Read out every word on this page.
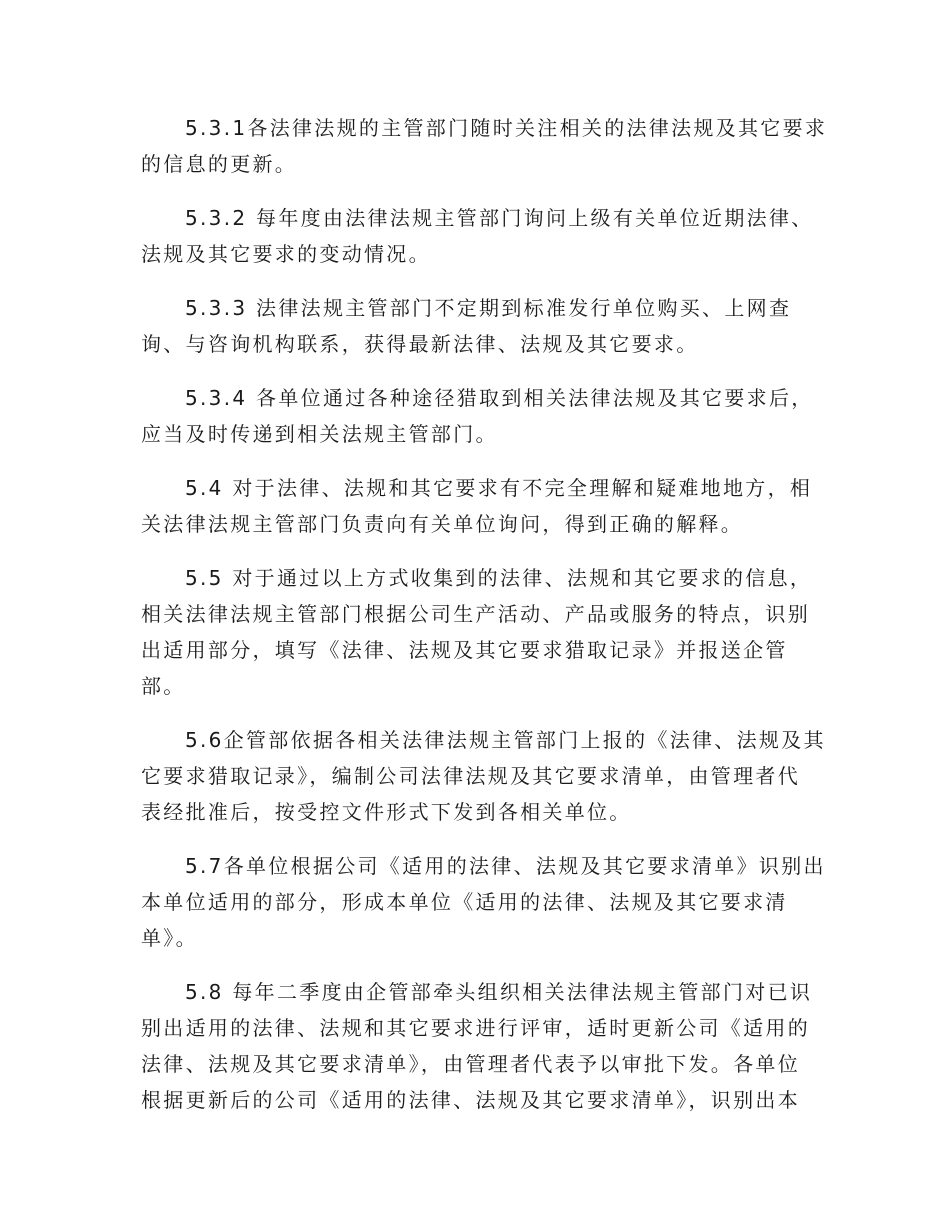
5.3.1各法律法规的主管部门随时关注相关的法律法规及其它要求
的信息的更新。

5.3.2 每年度由法律法规主管部门询问上级有关单位近期法律、
法规及其它要求的变动情况。

5.3.3 法律法规主管部门不定期到标准发行单位购买、上网查
询、与咨询机构联系，获得最新法律、法规及其它要求。

5.3.4 各单位通过各种途径猎取到相关法律法规及其它要求后，
应当及时传递到相关法规主管部门。

5.4 对于法律、法规和其它要求有不完全理解和疑难地地方，相
关法律法规主管部门负责向有关单位询问，得到正确的解释。

5.5 对于通过以上方式收集到的法律、法规和其它要求的信息，
相关法律法规主管部门根据公司生产活动、产品或服务的特点，识别
出适用部分，填写《法律、法规及其它要求猎取记录》并报送企管
部。

5.6企管部依据各相关法律法规主管部门上报的《法律、法规及其
它要求猎取记录》，编制公司法律法规及其它要求清单，由管理者代
表经批准后，按受控文件形式下发到各相关单位。

5.7各单位根据公司《适用的法律、法规及其它要求清单》识别出
本单位适用的部分，形成本单位《适用的法律、法规及其它要求清
单》。

5.8 每年二季度由企管部牵头组织相关法律法规主管部门对已识
别出适用的法律、法规和其它要求进行评审，适时更新公司《适用的
法律、法规及其它要求清单》，由管理者代表予以审批下发。各单位
根据更新后的公司《适用的法律、法规及其它要求清单》，识别出本
